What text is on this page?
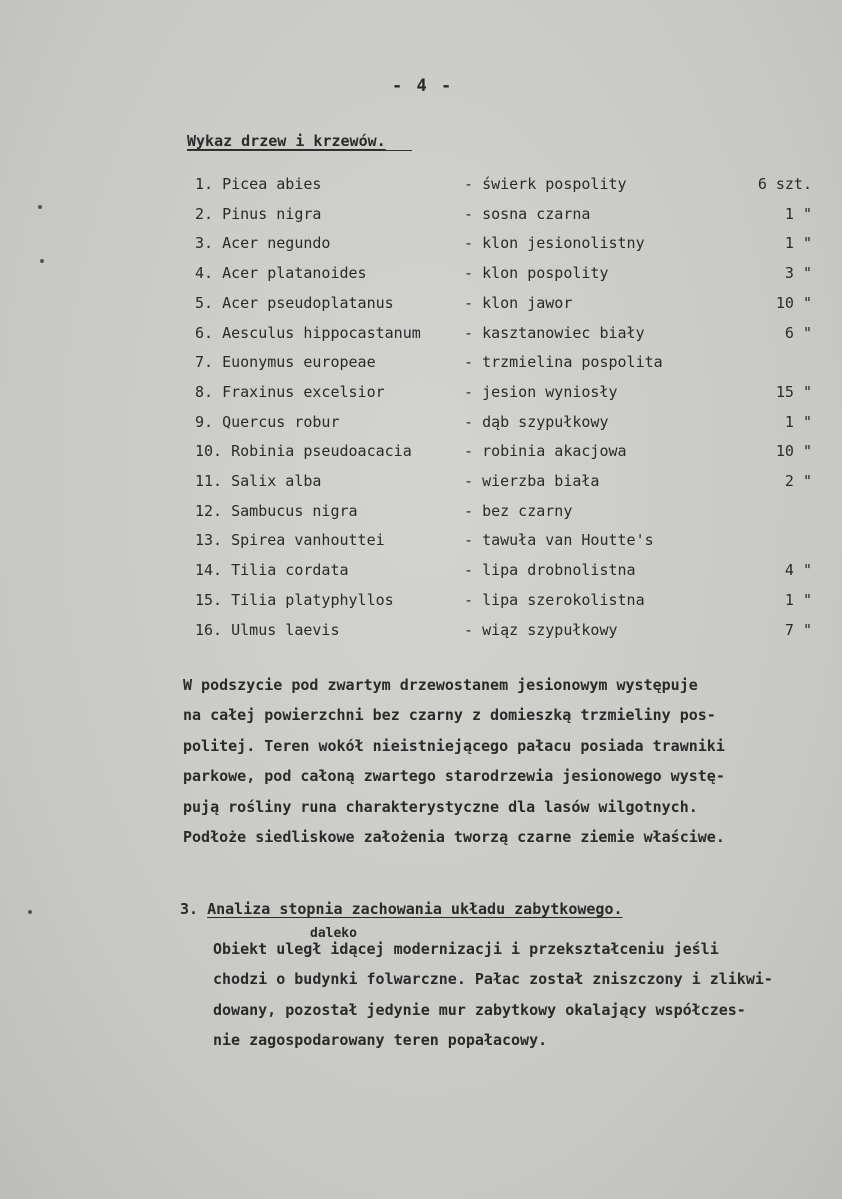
- 4 -
Wykaz drzew i krzewów.
1. Picea abies	- świerk pospolity	6 szt.
2. Pinus nigra	- sosna czarna	1 "
3. Acer negundo	- klon jesionolistny	1 "
4. Acer platanoides	- klon pospolity	3 "
5. Acer pseudoplatanus	- klon jawor	10 "
6. Aesculus hippocastanum	- kasztanowiec biały	6 "
7. Euonymus europeae	- trzmielina pospolita
8. Fraxinus excelsior	- jesion wyniosły	15 "
9. Quercus robur	- dąb szypułkowy	1 "
10. Robinia pseudoacacia	- robinia akacjowa	10 "
11. Salix alba	- wierzba biała	2 "
12. Sambucus nigra	- bez czarny
13. Spirea vanhouttei	- tawuła van Houtte's
14. Tilia cordata	- lipa drobnolistna	4 "
15. Tilia platyphyllos	- lipa szerokolistna	1 "
16. Ulmus laevis	- wiąz szypułkowy	7 "
W podszycie pod zwartym drzewostanem jesionowym występuje
na całej powierzchni bez czarny z domieszką trzmieliny pos-
politej. Teren wokół nieistniejącego pałacu posiada trawniki
parkowe, pod całoną zwartego starodrzewia jesionowego wystę-
pują rośliny runa charakterystyczne dla lasów wilgotnych.
Podłoże siedliskowe założenia tworzą czarne ziemie właściwe.
3. Analiza stopnia zachowania układu zabytkowego.
daleko
Obiekt uległ idącej modernizacji i przekształceniu jeśli
chodzi o budynki folwarczne. Pałac został zniszczony i zlikwi-
dowany, pozostał jedynie mur zabytkowy okalający współczes-
nie zagospodarowany teren popałacowy.
